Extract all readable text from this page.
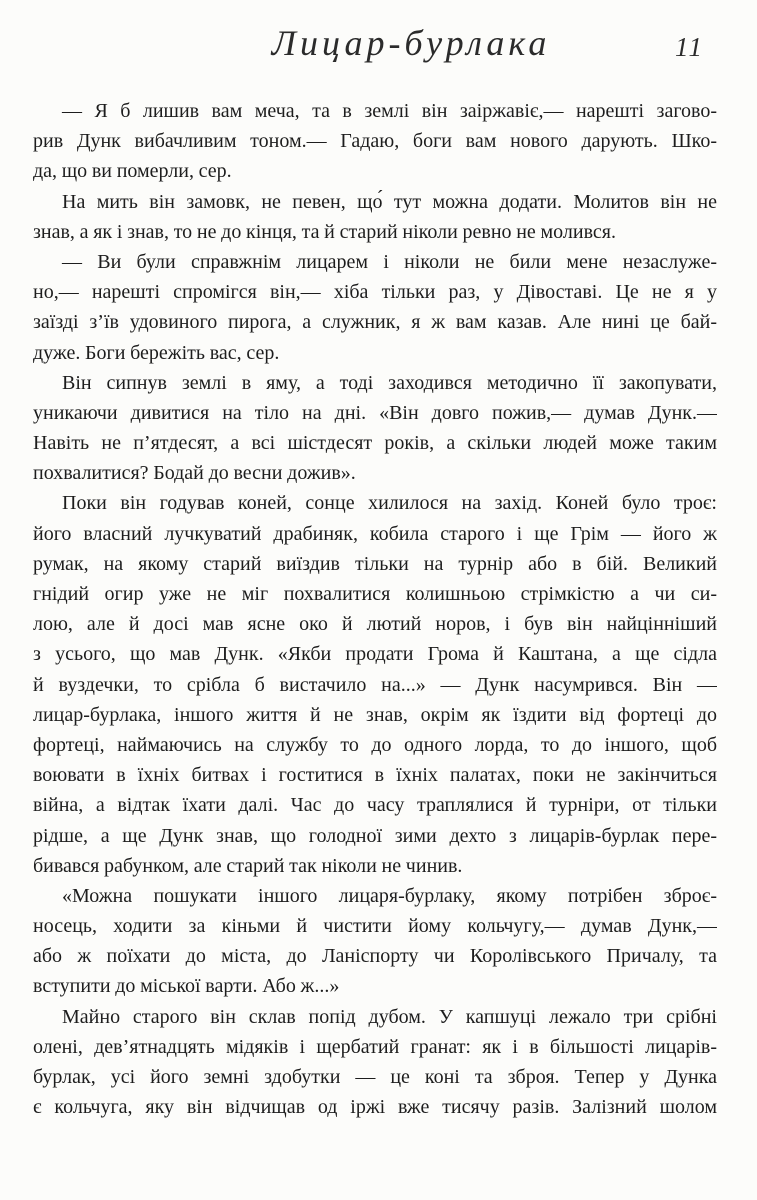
Лицар-бурлака	11
— Я б лишив вам меча, та в землі він заіржавіє,— нарешті загово-
рив Дунк вибачливим тоном.— Гадаю, боги вам нового дарують. Шко-
да, що ви померли, сер.
На мить він замовк, не певен, що́ тут можна додати. Молитов він не
знав, а як і знав, то не до кінця, та й старий ніколи ревно не молився.
— Ви були справжнім лицарем і ніколи не били мене незаслуже-
но,— нарешті спромігся він,— хіба тільки раз, у Дівоставі. Це не я у
заїзді з’їв удовиного пирога, а служник, я ж вам казав. Але нині це бай-
дуже. Боги бережіть вас, сер.
Він сипнув землі в яму, а тоді заходився методично її закопувати,
уникаючи дивитися на тіло на дні. «Він довго пожив,— думав Дунк.—
Навіть не п’ятдесят, а всі шістдесят років, а скільки людей може таким
похвалитися? Бодай до весни дожив».
Поки він годував коней, сонце хилилося на захід. Коней було троє:
його власний лучкуватий драбиняк, кобила старого і ще Грім — його ж
румак, на якому старий виїздив тільки на турнір або в бій. Великий
гнідий огир уже не міг похвалитися колишньою стрімкістю а чи си-
лою, але й досі мав ясне око й лютий норов, і був він найцінніший
з усього, що мав Дунк. «Якби продати Грома й Каштана, а ще сідла
й вуздечки, то срібла б вистачило на...» — Дунк насумрився. Він —
лицар-бурлака, іншого життя й не знав, окрім як їздити від фортеці до
фортеці, наймаючись на службу то до одного лорда, то до іншого, щоб
воювати в їхніх битвах і гоститися в їхніх палатах, поки не закінчиться
війна, а відтак їхати далі. Час до часу траплялися й турніри, от тільки
рідше, а ще Дунк знав, що голодної зими дехто з лицарів-бурлак пере-
бивався рабунком, але старий так ніколи не чинив.
«Можна пошукати іншого лицаря-бурлаку, якому потрібен зброє-
носець, ходити за кіньми й чистити йому кольчугу,— думав Дунк,—
або ж поїхати до міста, до Ланіспорту чи Королівського Причалу, та
вступити до міської варти. Або ж...»
Майно старого він склав попід дубом. У капшуці лежало три срібні
олені, дев’ятнадцять мідяків і щербатий гранат: як і в більшості лицарів-
бурлак, усі його земні здобутки — це коні та зброя. Тепер у Дунка
є кольчуга, яку він відчищав од іржі вже тисячу разів. Залізний шолом
